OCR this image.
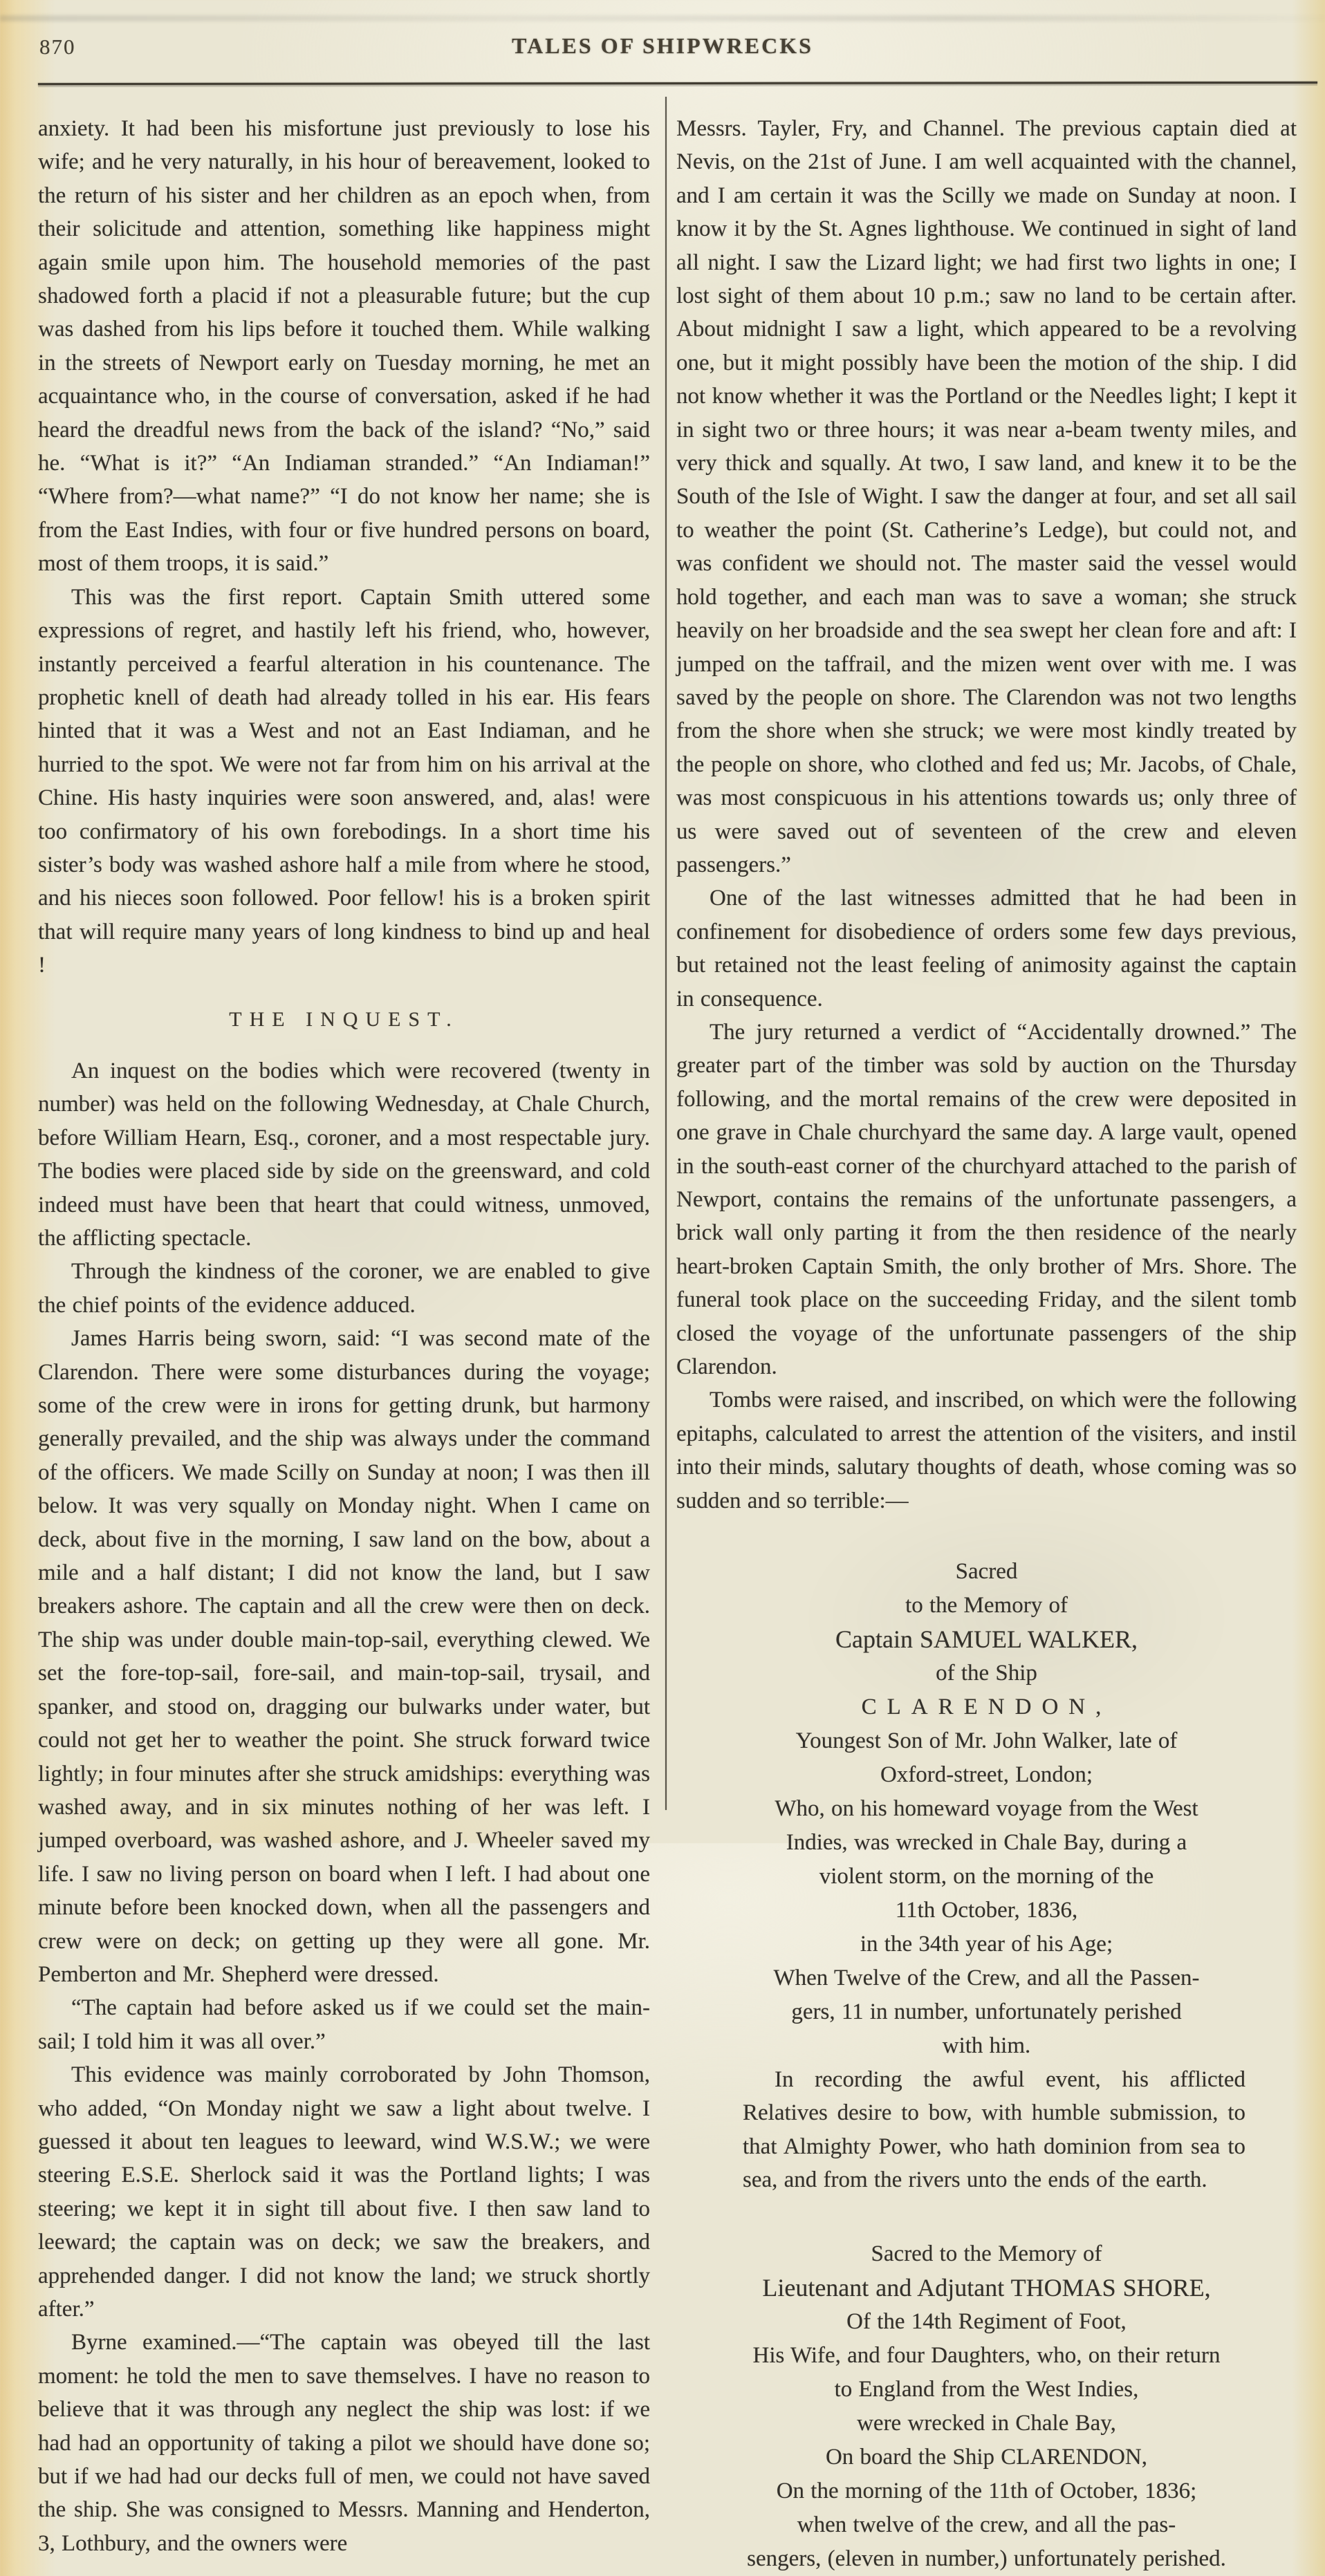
870	TALES OF SHIPWRECKS

anxiety. It had been his misfortune just previously to lose his wife; and he very naturally, in his hour of bereavement, looked to the return of his sister and her children as an epoch when, from their solicitude and attention, something like happiness might again smile upon him. The household memories of the past shadowed forth a placid if not a pleasurable future; but the cup was dashed from his lips before it touched them. While walking in the streets of Newport early on Tuesday morning, he met an acquaintance who, in the course of conversation, asked if he had heard the dreadful news from the back of the island? “No,” said he. “What is it?” “An Indiaman stranded.” “An Indiaman!” “Where from?—what name?” “I do not know her name; she is from the East Indies, with four or five hundred persons on board, most of them troops, it is said.”

This was the first report. Captain Smith uttered some expressions of regret, and hastily left his friend, who, however, instantly perceived a fearful alteration in his countenance. The prophetic knell of death had already tolled in his ear. His fears hinted that it was a West and not an East Indiaman, and he hurried to the spot. We were not far from him on his arrival at the Chine. His hasty inquiries were soon answered, and, alas! were too confirmatory of his own forebodings. In a short time his sister’s body was washed ashore half a mile from where he stood, and his nieces soon followed. Poor fellow! his is a broken spirit that will require many years of long kindness to bind up and heal !

THE INQUEST.

An inquest on the bodies which were recovered (twenty in number) was held on the following Wednesday, at Chale Church, before William Hearn, Esq., coroner, and a most respectable jury. The bodies were placed side by side on the greensward, and cold indeed must have been that heart that could witness, unmoved, the afflicting spectacle.

Through the kindness of the coroner, we are enabled to give the chief points of the evidence adduced.

James Harris being sworn, said: “I was second mate of the Clarendon. There were some disturbances during the voyage; some of the crew were in irons for getting drunk, but harmony generally prevailed, and the ship was always under the command of the officers. We made Scilly on Sunday at noon; I was then ill below. It was very squally on Monday night. When I came on deck, about five in the morning, I saw land on the bow, about a mile and a half distant; I did not know the land, but I saw breakers ashore. The captain and all the crew were then on deck. The ship was under double main-top-sail, everything clewed. We set the fore-top-sail, fore-sail, and main-top-sail, trysail, and spanker, and stood on, dragging our bulwarks under water, but could not get her to weather the point. She struck forward twice lightly; in four minutes after she struck amidships: everything was washed away, and in six minutes nothing of her was left. I jumped overboard, was washed ashore, and J. Wheeler saved my life. I saw no living person on board when I left. I had about one minute before been knocked down, when all the passengers and crew were on deck; on getting up they were all gone. Mr. Pemberton and Mr. Shepherd were dressed.

“The captain had before asked us if we could set the main-sail; I told him it was all over.”

This evidence was mainly corroborated by John Thomson, who added, “On Monday night we saw a light about twelve. I guessed it about ten leagues to leeward, wind W.S.W.; we were steering E.S.E. Sherlock said it was the Portland lights; I was steering; we kept it in sight till about five. I then saw land to leeward; the captain was on deck; we saw the breakers, and apprehended danger. I did not know the land; we struck shortly after.”

Byrne examined.—“The captain was obeyed till the last moment: he told the men to save themselves. I have no reason to believe that it was through any neglect the ship was lost: if we had had an opportunity of taking a pilot we should have done so; but if we had had our decks full of men, we could not have saved the ship. She was consigned to Messrs. Manning and Henderton, 3, Lothbury, and the owners were

Messrs. Tayler, Fry, and Channel. The previous captain died at Nevis, on the 21st of June. I am well acquainted with the channel, and I am certain it was the Scilly we made on Sunday at noon. I know it by the St. Agnes lighthouse. We continued in sight of land all night. I saw the Lizard light; we had first two lights in one; I lost sight of them about 10 p.m.; saw no land to be certain after. About midnight I saw a light, which appeared to be a revolving one, but it might possibly have been the motion of the ship. I did not know whether it was the Portland or the Needles light; I kept it in sight two or three hours; it was near a-beam twenty miles, and very thick and squally. At two, I saw land, and knew it to be the South of the Isle of Wight. I saw the danger at four, and set all sail to weather the point (St. Catherine’s Ledge), but could not, and was confident we should not. The master said the vessel would hold together, and each man was to save a woman; she struck heavily on her broadside and the sea swept her clean fore and aft: I jumped on the taffrail, and the mizen went over with me. I was saved by the people on shore. The Clarendon was not two lengths from the shore when she struck; we were most kindly treated by the people on shore, who clothed and fed us; Mr. Jacobs, of Chale, was most conspicuous in his attentions towards us; only three of us were saved out of seventeen of the crew and eleven passengers.”

One of the last witnesses admitted that he had been in confinement for disobedience of orders some few days previous, but retained not the least feeling of animosity against the captain in consequence.

The jury returned a verdict of “Accidentally drowned.” The greater part of the timber was sold by auction on the Thursday following, and the mortal remains of the crew were deposited in one grave in Chale churchyard the same day. A large vault, opened in the south-east corner of the churchyard attached to the parish of Newport, contains the remains of the unfortunate passengers, a brick wall only parting it from the then residence of the nearly heart-broken Captain Smith, the only brother of Mrs. Shore. The funeral took place on the succeeding Friday, and the silent tomb closed the voyage of the unfortunate passengers of the ship Clarendon.

Tombs were raised, and inscribed, on which were the following epitaphs, calculated to arrest the attention of the visiters, and instil into their minds, salutary thoughts of death, whose coming was so sudden and so terrible:—

Sacred
to the Memory of
Captain SAMUEL WALKER,
of the Ship
CLARENDON,
Youngest Son of Mr. John Walker, late of
Oxford-street, London;
Who, on his homeward voyage from the West
Indies, was wrecked in Chale Bay, during a
violent storm, on the morning of the
11th October, 1836,
in the 34th year of his Age;
When Twelve of the Crew, and all the Passen-
gers, 11 in number, unfortunately perished
with him.

In recording the awful event, his afflicted Relatives desire to bow, with humble submission, to that Almighty Power, who hath dominion from sea to sea, and from the rivers unto the ends of the earth.

Sacred to the Memory of
Lieutenant and Adjutant THOMAS SHORE,
Of the 14th Regiment of Foot,
His Wife, and four Daughters, who, on their return
to England from the West Indies,
were wrecked in Chale Bay,
On board the Ship CLARENDON,
On the morning of the 11th of October, 1836;
when twelve of the crew, and all the pas-
sengers, (eleven in number,) unfortunately perished.
